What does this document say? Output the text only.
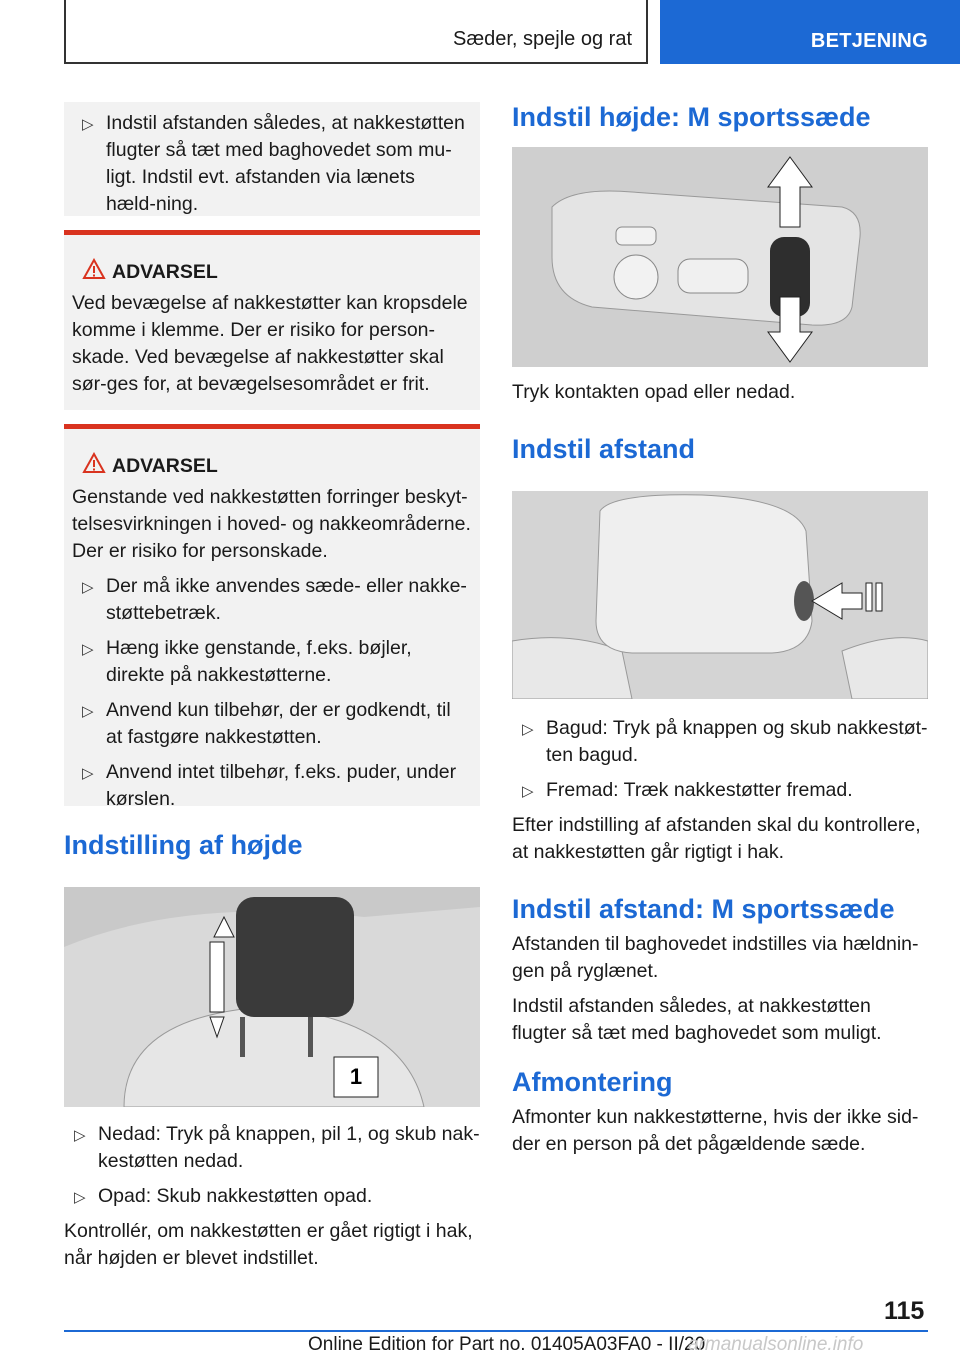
Sæder, spejle og rat	BETJENING
▷ Indstil afstanden således, at nakkestøtten flugter så tæt med baghovedet som mu‐ligt. Indstil evt. afstanden via lænets hæld‐ning.
ADVARSEL
Ved bevægelse af nakkestøtter kan kropsdele komme i klemme. Der er risiko for person‐skade. Ved bevægelse af nakkestøtter skal sør‐ges for, at bevægelsesområdet er frit.
ADVARSEL
Genstande ved nakkestøtten forringer beskyt‐telsesvirkningen i hoved- og nakkeområderne. Der er risiko for personskade.
▷ Der må ikke anvendes sæde- eller nakke‐støttebetræk.
▷ Hæng ikke genstande, f.eks. bøjler, direkte på nakkestøtterne.
▷ Anvend kun tilbehør, der er godkendt, til at fastgøre nakkestøtten.
▷ Anvend intet tilbehør, f.eks. puder, under kørslen.
Indstilling af højde
1
▷ Nedad: Tryk på knappen, pil 1, og skub nak‐kestøtten nedad.
▷ Opad: Skub nakkestøtten opad.
Kontrollér, om nakkestøtten er gået rigtigt i hak, når højden er blevet indstillet.
Indstil højde: M sportssæde
Tryk kontakten opad eller nedad.
Indstil afstand
▷ Bagud: Tryk på knappen og skub nakkestøt‐ten bagud.
▷ Fremad: Træk nakkestøtter fremad.
Efter indstilling af afstanden skal du kontrollere, at nakkestøtten går rigtigt i hak.
Indstil afstand: M sportssæde
Afstanden til baghovedet indstilles via hældnin‐gen på ryglænet.
Indstil afstanden således, at nakkestøtten flugter så tæt med baghovedet som muligt.
Afmontering
Afmonter kun nakkestøtterne, hvis der ikke sid‐der en person på det pågældende sæde.
115
Online Edition for Part no. 01405A03FA0 - II/20
armanualsonline.info
